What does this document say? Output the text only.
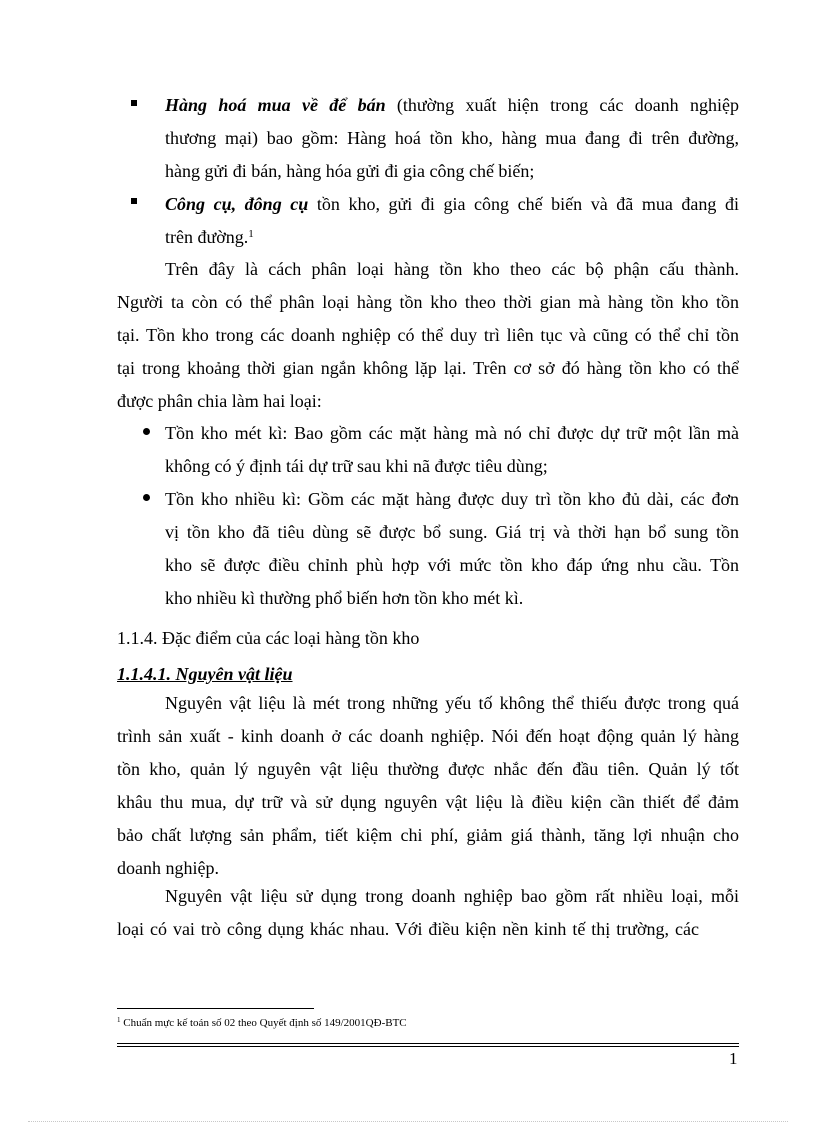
Hàng hoá mua về để bán (thường xuất hiện trong các doanh nghiệp
thương mại) bao gồm: Hàng hoá tồn kho, hàng mua đang đi trên đường,
hàng gửi đi bán, hàng hóa gửi đi gia công chế biến;
Công cụ, đông cụ tồn kho, gửi đi gia công chế biến và đã mua đang đi
trên đường.$^1$
Trên đây là cách phân loại hàng tồn kho theo các bộ phận cấu thành.
Người ta còn có thể phân loại hàng tồn kho theo thời gian mà hàng tồn kho tồn
tại. Tồn kho trong các doanh nghiệp có thể duy trì liên tục và cũng có thể chỉ tồn
tại trong khoảng thời gian ngắn không lặp lại. Trên cơ sở đó hàng tồn kho có thể
được phân chia làm hai loại:
Tồn kho mét kì: Bao gồm các mặt hàng mà nó chỉ được dự trữ một lần mà
không có ý định tái dự trữ sau khi nã được tiêu dùng;
Tồn kho nhiều kì: Gồm các mặt hàng được duy trì tồn kho đủ dài, các đơn
vị tồn kho đã tiêu dùng sẽ được bổ sung. Giá trị và thời hạn bổ sung tồn
kho sẽ được điều chỉnh phù hợp với mức tồn kho đáp ứng nhu cầu. Tồn
kho nhiều kì thường phổ biến hơn tồn kho mét kì.
1.1.4. Đặc điểm của các loại hàng tồn kho
1.1.4.1. Nguyên vật liệu
Nguyên vật liệu là mét trong những yếu tố không thể thiếu được trong quá
trình sản xuất - kinh doanh ở các doanh nghiệp. Nói đến hoạt động quản lý hàng
tồn kho, quản lý nguyên vật liệu thường được nhắc đến đầu tiên. Quản lý tốt
khâu thu mua, dự trữ và sử dụng nguyên vật liệu là điều kiện cần thiết để đảm
bảo chất lượng sản phẩm, tiết kiệm chi phí, giảm giá thành, tăng lợi nhuận cho
doanh nghiệp.
Nguyên vật liệu sử dụng trong doanh nghiệp bao gồm rất nhiều loại, mỗi
loại có vai trò công dụng khác nhau. Với điều kiện nền kinh tế thị trường, các
$^1$ Chuẩn mực kế toán số 02 theo Quyết định số 149/2001QĐ-BTC
1
